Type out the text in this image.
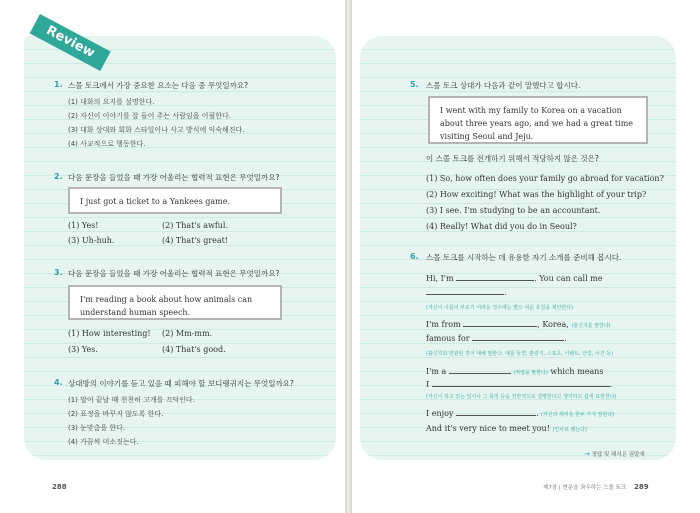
Review
1. 스몰 토크에서 가장 중요한 요소는 다음 중 무엇일까요?
(1) 대화의 요지를 설명한다.
(2) 자신이 이야기를 잘 들어 주는 사람임을 어필한다.
(3) 대화 상대와 회화 스타일이나 사고 방식에 익숙해진다.
(4) 사교적으로 행동한다.
2. 다음 문장을 들었을 때 가장 어울리는 협력적 표현은 무엇일까요?
I just got a ticket to a Yankees game.
(1) Yes!	(2) That's awful.
(3) Uh-huh.	(4) That's great!
3. 다음 문장을 들었을 때 가장 어울리는 협력적 표현은 무엇일까요?
I'm reading a book about how animals can understand human speech.
(1) How interesting! (2) Mm-mm.
(3) Yes.	(4) That's good.
4. 상대방의 이야기를 듣고 있음 때 피해야 할 보디랭귀지는 무엇일까요?
(1) 말이 끝날 때 천천히 고개를 끄덕인다.
(2) 표정을 바꾸지 않도록 한다.
(3) 눈맞춤을 한다.
(4) 가끔씩 미소짓는다.
288
5. 스몰 토크 상대가 다음과 같이 말했다고 합시다.
I went with my family to Korea on a vacation about three years ago, and we had a great time visiting Seoul and Jeju.
이 스몰 토크를 전개하기 위해서 적당하지 않은 것은?
(1) So, how often does your family go abroad for vacation?
(2) How exciting! What was the highlight of your trip?
(3) I see. I'm studying to be an accountant.
(4) Really! What did you do in Seoul?
6. 스몰 토크를 시작하는 데 유용한 자기 소개를 준비해 봅시다.
Hi, I'm	. You can call me
.
(자신이 이름이 부르기 어려운 경우에는 별으 쉬운 호칭을 제안한다)
I'm from	, Korea, (출신지를 말한다)
famous for	.
(출신지와 연관된 것이 대해 말한다. 예를 들면, 관광지, 스포츠, 이벤트, 산업, 사건 등)
I'm a	(직업을 말한다) which means
I	.
(자신이 하고 있는 일이나 그 목적 등을 전반적으로 설명한다고 생각하고 쉽게 표현한다)
I enjoy	. (자신의 취미를 한두 가지 말한다)
And it's very nice to meet you! (인사로 맺는다)
→ 정답 및 해석은 권말에
제7장 | 현운을 좌우하는 스몰 토크 289
